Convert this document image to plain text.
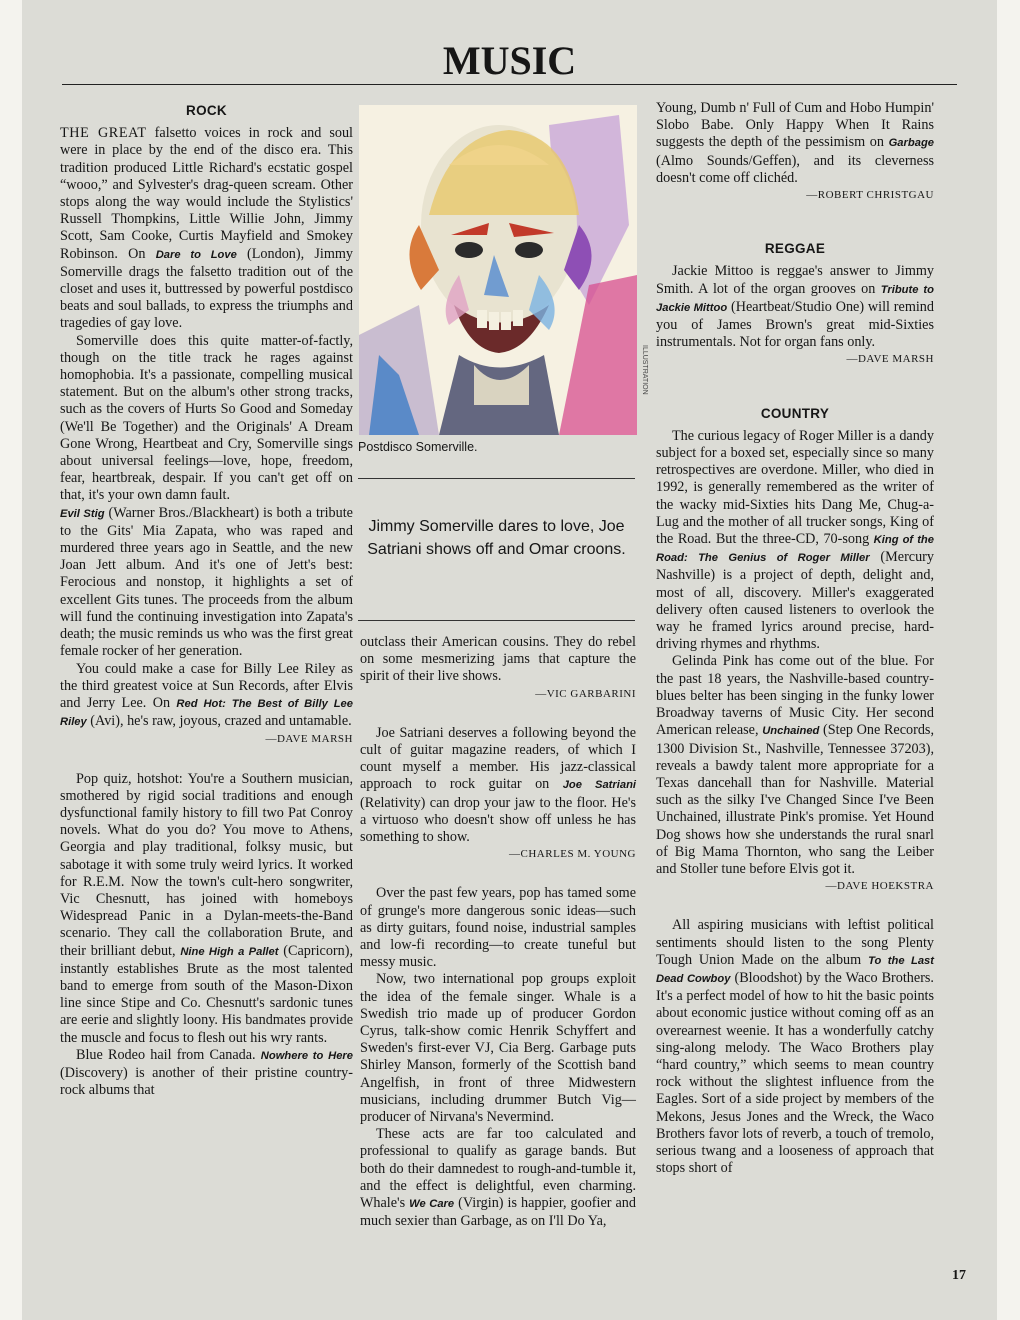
MUSIC
ROCK

THE GREAT falsetto voices in rock and soul were in place by the end of the disco era. This tradition produced Little Richard's ecstatic gospel “wooo,” and Sylvester's drag-queen scream. Other stops along the way would include the Stylistics' Russell Thompkins, Little Willie John, Jimmy Scott, Sam Cooke, Curtis Mayfield and Smokey Robinson. On Dare to Love (London), Jimmy Somerville drags the falsetto tradition out of the closet and uses it, buttressed by powerful postdisco beats and soul ballads, to express the triumphs and tragedies of gay love.

Somerville does this quite matter-of-factly, though on the title track he rages against homophobia. It's a passionate, compelling musical statement. But on the album's other strong tracks, such as the covers of Hurts So Good and Someday (We'll Be Together) and the Originals' A Dream Gone Wrong, Heartbeat and Cry, Somerville sings about universal feelings—love, hope, freedom, fear, heartbreak, despair. If you can't get off on that, it's your own damn fault.

Evil Stig (Warner Bros./Blackheart) is both a tribute to the Gits' Mia Zapata, who was raped and murdered three years ago in Seattle, and the new Joan Jett album. And it's one of Jett's best: Ferocious and nonstop, it highlights a set of excellent Gits tunes. The proceeds from the album will fund the continuing investigation into Zapata's death; the music reminds us who was the first great female rocker of her generation.

You could make a case for Billy Lee Riley as the third greatest voice at Sun Records, after Elvis and Jerry Lee. On Red Hot: The Best of Billy Lee Riley (Avi), he's raw, joyous, crazed and untamable.

—DAVE MARSH

Pop quiz, hotshot: You're a Southern musician, smothered by rigid social traditions and enough dysfunctional family history to fill two Pat Conroy novels. What do you do? You move to Athens, Georgia and play traditional, folksy music, but sabotage it with some truly weird lyrics. It worked for R.E.M. Now the town's cult-hero songwriter, Vic Chesnutt, has joined with homeboys Widespread Panic in a Dylan-meets-the-Band scenario. They call the collaboration Brute, and their brilliant debut, Nine High a Pallet (Capricorn), instantly establishes Brute as the most talented band to emerge from south of the Mason-Dixon line since Stipe and Co. Chesnutt's sardonic tunes are eerie and slightly loony. His bandmates provide the muscle and focus to flesh out his wry rants.

Blue Rodeo hail from Canada. Nowhere to Here (Discovery) is another of their pristine country-rock albums that

ILLUSTRATION
Postdisco Somerville.
Jimmy Somerville dares to love, Joe Satriani shows off and Omar croons.

outclass their American cousins. They do rebel on some mesmerizing jams that capture the spirit of their live shows.

—VIC GARBARINI

Joe Satriani deserves a following beyond the cult of guitar magazine readers, of which I count myself a member. His jazz-classical approach to rock guitar on Joe Satriani (Relativity) can drop your jaw to the floor. He's a virtuoso who doesn't show off unless he has something to show.

—CHARLES M. YOUNG

Over the past few years, pop has tamed some of grunge's more dangerous sonic ideas—such as dirty guitars, found noise, industrial samples and low-fi recording—to create tuneful but messy music.

Now, two international pop groups exploit the idea of the female singer. Whale is a Swedish trio made up of producer Gordon Cyrus, talk-show comic Henrik Schyffert and Sweden's first-ever VJ, Cia Berg. Garbage puts Shirley Manson, formerly of the Scottish band Angelfish, in front of three Midwestern musicians, including drummer Butch Vig—producer of Nirvana's Nevermind.

These acts are far too calculated and professional to qualify as garage bands. But both do their damnedest to rough-and-tumble it, and the effect is delightful, even charming. Whale's We Care (Virgin) is happier, goofier and much sexier than Garbage, as on I'll Do Ya,

Young, Dumb n' Full of Cum and Hobo Humpin' Slobo Babe. Only Happy When It Rains suggests the depth of the pessimism on Garbage (Almo Sounds/Geffen), and its cleverness doesn't come off clichéd.

—ROBERT CHRISTGAU
REGGAE

Jackie Mittoo is reggae's answer to Jimmy Smith. A lot of the organ grooves on Tribute to Jackie Mittoo (Heartbeat/Studio One) will remind you of James Brown's great mid-Sixties instrumentals. Not for organ fans only.

—DAVE MARSH
COUNTRY

The curious legacy of Roger Miller is a dandy subject for a boxed set, especially since so many retrospectives are overdone. Miller, who died in 1992, is generally remembered as the writer of the wacky mid-Sixties hits Dang Me, Chug-a-Lug and the mother of all trucker songs, King of the Road. But the three-CD, 70-song King of the Road: The Genius of Roger Miller (Mercury Nashville) is a project of depth, delight and, most of all, discovery. Miller's exaggerated delivery often caused listeners to overlook the way he framed lyrics around precise, hard-driving rhymes and rhythms.

Gelinda Pink has come out of the blue. For the past 18 years, the Nashville-based country-blues belter has been singing in the funky lower Broadway taverns of Music City. Her second American release, Unchained (Step One Records, 1300 Division St., Nashville, Tennessee 37203), reveals a bawdy talent more appropriate for a Texas dancehall than for Nashville. Material such as the silky I've Changed Since I've Been Unchained, illustrate Pink's promise. Yet Hound Dog shows how she understands the rural snarl of Big Mama Thornton, who sang the Leiber and Stoller tune before Elvis got it.

—DAVE HOEKSTRA

All aspiring musicians with leftist political sentiments should listen to the song Plenty Tough Union Made on the album To the Last Dead Cowboy (Bloodshot) by the Waco Brothers. It's a perfect model of how to hit the basic points about economic justice without coming off as an overearnest weenie. It has a wonderfully catchy sing-along melody. The Waco Brothers play “hard country,” which seems to mean country rock without the slightest influence from the Eagles. Sort of a side project by members of the Mekons, Jesus Jones and the Wreck, the Waco Brothers favor lots of reverb, a touch of tremolo, serious twang and a looseness of approach that stops short of

17
